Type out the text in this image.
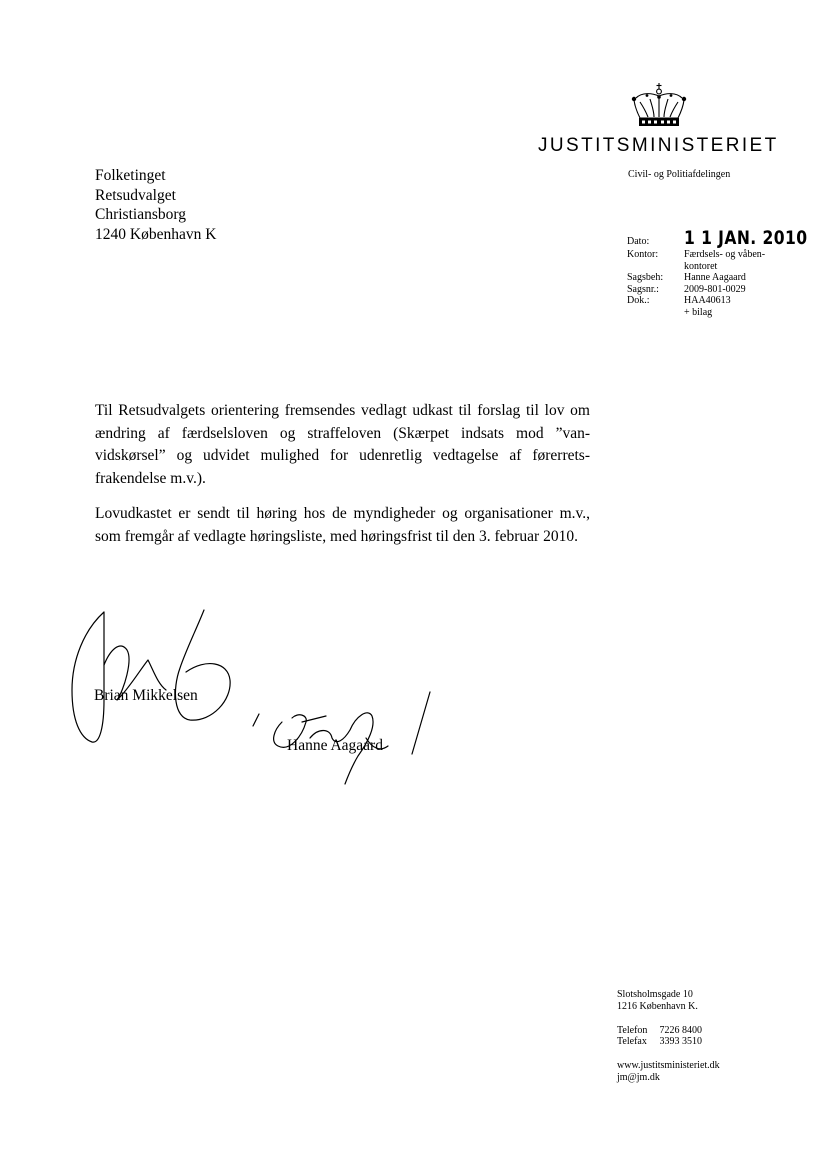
JUSTITSMINISTERIET
Civil- og Politiafdelingen
Folketinget
Retsudvalget
Christiansborg
1240 København K	Dato:	1 1 JAN. 2010
Kontor:	Færdsels- og våben-
kontoret
Sagsbeh:	Hanne Aagaard
Sagsnr.:	2009-801-0029
Dok.:	HAA40613
+ bilag

Til Retsudvalgets orientering fremsendes vedlagt udkast til forslag til lov om ændring af færdselsloven og straffeloven (Skærpet indsats mod ”van-vidskørsel” og udvidet mulighed for udenretlig vedtagelse af førerrets-frakendelse m.v.).

Lovudkastet er sendt til høring hos de myndigheder og organisationer m.v., som fremgår af vedlagte høringsliste, med høringsfrist til den 3. februar 2010.

Brian Mikkelsen
Hanne Aagaard
Slotsholmsgade 10
1216 København K.
Telefon 7226 8400
Telefax 3393 3510
www.justitsministeriet.dk
jm@jm.dk
